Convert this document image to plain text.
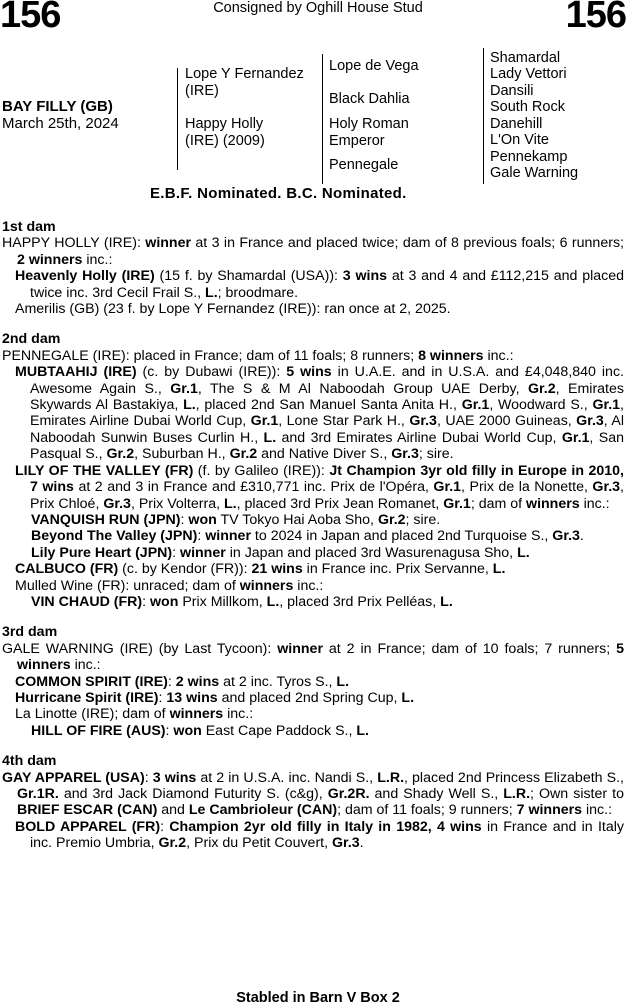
156	156
Consigned by Oghill House Stud
BAY FILLY (GB)
March 25th, 2024
Lope Y Fernandez (IRE)
Happy Holly (IRE) (2009)
Lope de Vega
Black Dahlia
Holy Roman Emperor
Pennegale
Shamardal
Lady Vettori
Dansili
South Rock
Danehill
L'On Vite
Pennekamp
Gale Warning
E.B.F. Nominated. B.C. Nominated.
1st dam
HAPPY HOLLY (IRE): winner at 3 in France and placed twice; dam of 8 previous foals; 6 runners; 2 winners inc.:
Heavenly Holly (IRE) (15 f. by Shamardal (USA)): 3 wins at 3 and 4 and £112,215 and placed twice inc. 3rd Cecil Frail S., L.; broodmare.
Amerilis (GB) (23 f. by Lope Y Fernandez (IRE)): ran once at 2, 2025.
2nd dam
PENNEGALE (IRE): placed in France; dam of 11 foals; 8 runners; 8 winners inc.:
MUBTAAHIJ (IRE) (c. by Dubawi (IRE)): 5 wins in U.A.E. and in U.S.A. and £4,048,840 inc. Awesome Again S., Gr.1, The S & M Al Naboodah Group UAE Derby, Gr.2, Emirates Skywards Al Bastakiya, L., placed 2nd San Manuel Santa Anita H., Gr.1, Woodward S., Gr.1, Emirates Airline Dubai World Cup, Gr.1, Lone Star Park H., Gr.3, UAE 2000 Guineas, Gr.3, Al Naboodah Sunwin Buses Curlin H., L. and 3rd Emirates Airline Dubai World Cup, Gr.1, San Pasqual S., Gr.2, Suburban H., Gr.2 and Native Diver S., Gr.3; sire.
LILY OF THE VALLEY (FR) (f. by Galileo (IRE)): Jt Champion 3yr old filly in Europe in 2010, 7 wins at 2 and 3 in France and £310,771 inc. Prix de l'Opéra, Gr.1, Prix de la Nonette, Gr.3, Prix Chloé, Gr.3, Prix Volterra, L., placed 3rd Prix Jean Romanet, Gr.1; dam of winners inc.:
VANQUISH RUN (JPN): won TV Tokyo Hai Aoba Sho, Gr.2; sire.
Beyond The Valley (JPN): winner to 2024 in Japan and placed 2nd Turquoise S., Gr.3.
Lily Pure Heart (JPN): winner in Japan and placed 3rd Wasurenagusa Sho, L.
CALBUCO (FR) (c. by Kendor (FR)): 21 wins in France inc. Prix Servanne, L.
Mulled Wine (FR): unraced; dam of winners inc.:
VIN CHAUD (FR): won Prix Millkom, L., placed 3rd Prix Pelléas, L.
3rd dam
GALE WARNING (IRE) (by Last Tycoon): winner at 2 in France; dam of 10 foals; 7 runners; 5 winners inc.:
COMMON SPIRIT (IRE): 2 wins at 2 inc. Tyros S., L.
Hurricane Spirit (IRE): 13 wins and placed 2nd Spring Cup, L.
La Linotte (IRE); dam of winners inc.:
HILL OF FIRE (AUS): won East Cape Paddock S., L.
4th dam
GAY APPAREL (USA): 3 wins at 2 in U.S.A. inc. Nandi S., L.R., placed 2nd Princess Elizabeth S., Gr.1R. and 3rd Jack Diamond Futurity S. (c&g), Gr.2R. and Shady Well S., L.R.; Own sister to BRIEF ESCAR (CAN) and Le Cambrioleur (CAN); dam of 11 foals; 9 runners; 7 winners inc.:
BOLD APPAREL (FR): Champion 2yr old filly in Italy in 1982, 4 wins in France and in Italy inc. Premio Umbria, Gr.2, Prix du Petit Couvert, Gr.3.
Stabled in Barn V Box 2
